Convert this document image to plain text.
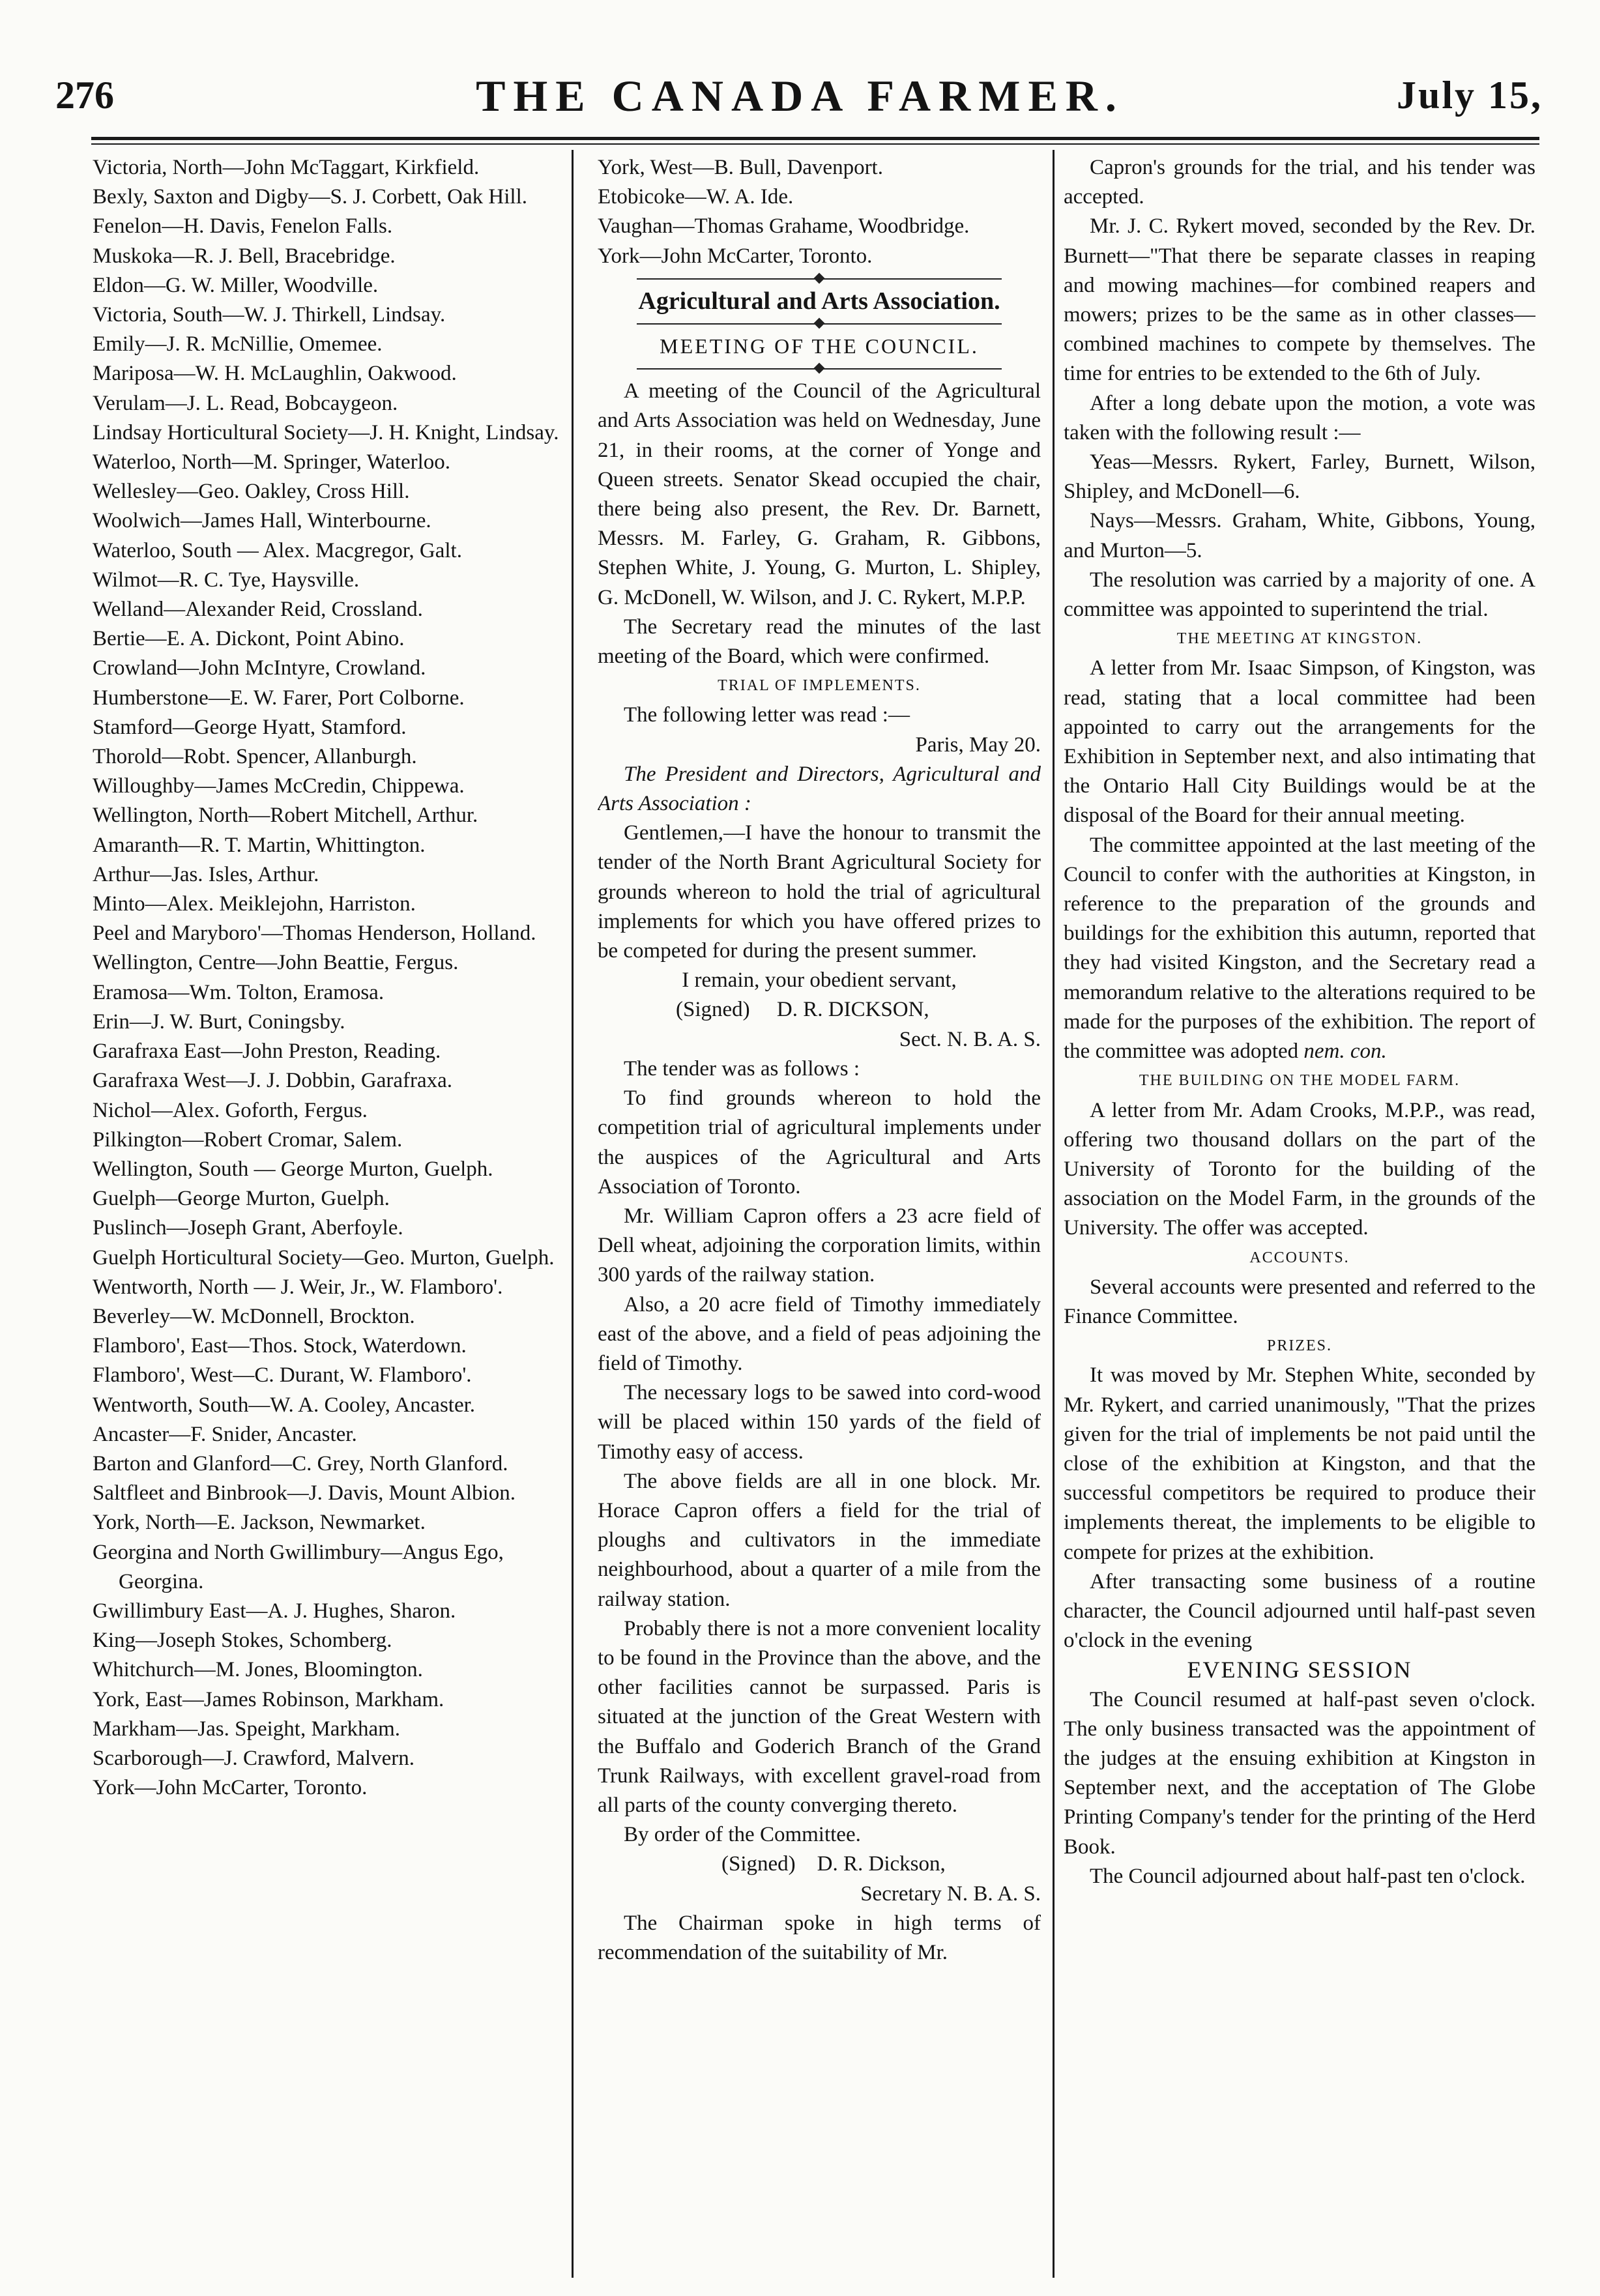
276	THE CANADA FARMER.	July 15,

Victoria, North—John McTaggart, Kirkfield.

Bexly, Saxton and Digby—S. J. Corbett, Oak Hill.

Fenelon—H. Davis, Fenelon Falls.

Muskoka—R. J. Bell, Bracebridge.

Eldon—G. W. Miller, Woodville.

Victoria, South—W. J. Thirkell, Lindsay.

Emily—J. R. McNillie, Omemee.

Mariposa—W. H. McLaughlin, Oakwood.

Verulam—J. L. Read, Bobcaygeon.

Lindsay Horticultural Society—J. H. Knight, Lindsay.

Waterloo, North—M. Springer, Waterloo.

Wellesley—Geo. Oakley, Cross Hill.

Woolwich—James Hall, Winterbourne.

Waterloo, South — Alex. Macgregor, Galt.

Wilmot—R. C. Tye, Haysville.

Welland—Alexander Reid, Crossland.

Bertie—E. A. Dickont, Point Abino.

Crowland—John McIntyre, Crowland.

Humberstone—E. W. Farer, Port Colborne.

Stamford—George Hyatt, Stamford.

Thorold—Robt. Spencer, Allanburgh.

Willoughby—James McCredin, Chippewa.

Wellington, North—Robert Mitchell, Arthur.

Amaranth—R. T. Martin, Whittington.

Arthur—Jas. Isles, Arthur.

Minto—Alex. Meiklejohn, Harriston.

Peel and Maryboro'—Thomas Henderson, Holland.

Wellington, Centre—John Beattie, Fergus.

Eramosa—Wm. Tolton, Eramosa.

Erin—J. W. Burt, Coningsby.

Garafraxa East—John Preston, Reading.

Garafraxa West—J. J. Dobbin, Garafraxa.

Nichol—Alex. Goforth, Fergus.

Pilkington—Robert Cromar, Salem.

Wellington, South — George Murton, Guelph.

Guelph—George Murton, Guelph.

Puslinch—Joseph Grant, Aberfoyle.

Guelph Horticultural Society—Geo. Murton, Guelph.

Wentworth, North — J. Weir, Jr., W. Flamboro'.

Beverley—W. McDonnell, Brockton.

Flamboro', East—Thos. Stock, Waterdown.

Flamboro', West—C. Durant, W. Flamboro'.

Wentworth, South—W. A. Cooley, Ancaster.

Ancaster—F. Snider, Ancaster.

Barton and Glanford—C. Grey, North Glanford.

Saltfleet and Binbrook—J. Davis, Mount Albion.

York, North—E. Jackson, Newmarket.

Georgina and North Gwillimbury—Angus Ego, Georgina.

Gwillimbury East—A. J. Hughes, Sharon.

King—Joseph Stokes, Schomberg.

Whitchurch—M. Jones, Bloomington.

York, East—James Robinson, Markham.

Markham—Jas. Speight, Markham.

Scarborough—J. Crawford, Malvern.

York—John McCarter, Toronto.

York, West—B. Bull, Davenport.

Etobicoke—W. A. Ide.

Vaughan—Thomas Grahame, Woodbridge.

York—John McCarter, Toronto.

Agricultural and Arts Association.

MEETING OF THE COUNCIL.

A meeting of the Council of the Agricultural and Arts Association was held on Wednesday, June 21, in their rooms, at the corner of Yonge and Queen streets. Senator Skead occupied the chair, there being also present, the Rev. Dr. Barnett, Messrs. M. Farley, G. Graham, R. Gibbons, Stephen White, J. Young, G. Murton, L. Shipley, G. McDonell, W. Wilson, and J. C. Rykert, M.P.P.

The Secretary read the minutes of the last meeting of the Board, which were confirmed.

TRIAL OF IMPLEMENTS.

The following letter was read :—

Paris, May 20.

The President and Directors, Agricultural and Arts Association :

Gentlemen,—I have the honour to transmit the tender of the North Brant Agricultural Society for grounds whereon to hold the trial of agricultural implements for which you have offered prizes to be competed for during the present summer.

I remain, your obedient servant,

(Signed) D. R. DICKSON,

Sect. N. B. A. S.

The tender was as follows :

To find grounds whereon to hold the competition trial of agricultural implements under the auspices of the Agricultural and Arts Association of Toronto.

Mr. William Capron offers a 23 acre field of Dell wheat, adjoining the corporation limits, within 300 yards of the railway station.

Also, a 20 acre field of Timothy immediately east of the above, and a field of peas adjoining the field of Timothy.

The necessary logs to be sawed into cord-wood will be placed within 150 yards of the field of Timothy easy of access.

The above fields are all in one block. Mr. Horace Capron offers a field for the trial of ploughs and cultivators in the immediate neighbourhood, about a quarter of a mile from the railway station.

Probably there is not a more convenient locality to be found in the Province than the above, and the other facilities cannot be surpassed. Paris is situated at the junction of the Great Western with the Buffalo and Goderich Branch of the Grand Trunk Railways, with excellent gravel-road from all parts of the county converging thereto.

By order of the Committee.

(Signed) D. R. Dickson,

Secretary N. B. A. S.

The Chairman spoke in high terms of recommendation of the suitability of Mr.

Capron's grounds for the trial, and his tender was accepted.

Mr. J. C. Rykert moved, seconded by the Rev. Dr. Burnett—"That there be separate classes in reaping and mowing machines—for combined reapers and mowers; prizes to be the same as in other classes—combined machines to compete by themselves. The time for entries to be extended to the 6th of July.

After a long debate upon the motion, a vote was taken with the following result :—

Yeas—Messrs. Rykert, Farley, Burnett, Wilson, Shipley, and McDonell—6.

Nays—Messrs. Graham, White, Gibbons, Young, and Murton—5.

The resolution was carried by a majority of one. A committee was appointed to superintend the trial.

THE MEETING AT KINGSTON.

A letter from Mr. Isaac Simpson, of Kingston, was read, stating that a local committee had been appointed to carry out the arrangements for the Exhibition in September next, and also intimating that the Ontario Hall City Buildings would be at the disposal of the Board for their annual meeting.

The committee appointed at the last meeting of the Council to confer with the authorities at Kingston, in reference to the preparation of the grounds and buildings for the exhibition this autumn, reported that they had visited Kingston, and the Secretary read a memorandum relative to the alterations required to be made for the purposes of the exhibition. The report of the committee was adopted nem. con.

THE BUILDING ON THE MODEL FARM.

A letter from Mr. Adam Crooks, M.P.P., was read, offering two thousand dollars on the part of the University of Toronto for the building of the association on the Model Farm, in the grounds of the University. The offer was accepted.

ACCOUNTS.

Several accounts were presented and referred to the Finance Committee.

PRIZES.

It was moved by Mr. Stephen White, seconded by Mr. Rykert, and carried unanimously, "That the prizes given for the trial of implements be not paid until the close of the exhibition at Kingston, and that the successful competitors be required to produce their implements thereat, the implements to be eligible to compete for prizes at the exhibition.

After transacting some business of a routine character, the Council adjourned until half-past seven o'clock in the evening

EVENING SESSION

The Council resumed at half-past seven o'clock. The only business transacted was the appointment of the judges at the ensuing exhibition at Kingston in September next, and the acceptation of The Globe Printing Company's tender for the printing of the Herd Book.

The Council adjourned about half-past ten o'clock.
